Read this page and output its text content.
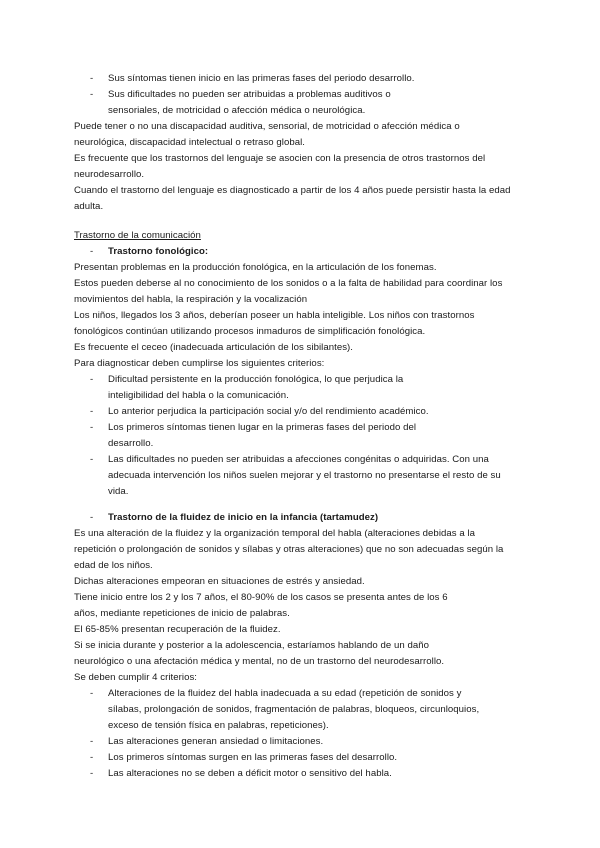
- Sus síntomas tienen inicio en las primeras fases del periodo desarrollo.
- Sus dificultades no pueden ser atribuidas a problemas auditivos o
sensoriales, de motricidad o afección médica o neurológica.
Puede tener o no una discapacidad auditiva, sensorial, de motricidad o afección médica o
neurológica, discapacidad intelectual o retraso global.
Es frecuente que los trastornos del lenguaje se asocien con la presencia de otros trastornos del
neurodesarrollo.
Cuando el trastorno del lenguaje es diagnosticado a partir de los 4 años puede persistir hasta la edad
adulta.
Trastorno de la comunicación
- Trastorno fonológico:
Presentan problemas en la producción fonológica, en la articulación de los fonemas.
Estos pueden deberse al no conocimiento de los sonidos o a la falta de habilidad para coordinar los
movimientos del habla, la respiración y la vocalización
Los niños, llegados los 3 años, deberían poseer un habla inteligible. Los niños con trastornos
fonológicos continúan utilizando procesos inmaduros de simplificación fonológica.
Es frecuente el ceceo (inadecuada articulación de los sibilantes).
Para diagnosticar deben cumplirse los siguientes criterios:
- Dificultad persistente en la producción fonológica, lo que perjudica la
inteligibilidad del habla o la comunicación.
- Lo anterior perjudica la participación social y/o del rendimiento académico.
- Los primeros síntomas tienen lugar en la primeras fases del periodo del
desarrollo.
- Las dificultades no pueden ser atribuidas a afecciones congénitas o adquiridas. Con una
adecuada intervención los niños suelen mejorar y el trastorno no presentarse el resto de su
vida.
- Trastorno de la fluidez de inicio en la infancia (tartamudez)
Es una alteración de la fluidez y la organización temporal del habla (alteraciones debidas a la
repetición o prolongación de sonidos y sílabas y otras alteraciones) que no son adecuadas según la
edad de los niños.
Dichas alteraciones empeoran en situaciones de estrés y ansiedad.
Tiene inicio entre los 2 y los 7 años, el 80-90% de los casos se presenta antes de los 6
años, mediante repeticiones de inicio de palabras.
El 65-85% presentan recuperación de la fluidez.
Si se inicia durante y posterior a la adolescencia, estaríamos hablando de un daño
neurológico o una afectación médica y mental, no de un trastorno del neurodesarrollo.
Se deben cumplir 4 criterios:
- Alteraciones de la fluidez del habla inadecuada a su edad (repetición de sonidos y
sílabas, prolongación de sonidos, fragmentación de palabras, bloqueos, circunloquios,
exceso de tensión física en palabras, repeticiones).
- Las alteraciones generan ansiedad o limitaciones.
- Los primeros síntomas surgen en las primeras fases del desarrollo.
- Las alteraciones no se deben a déficit motor o sensitivo del habla.
